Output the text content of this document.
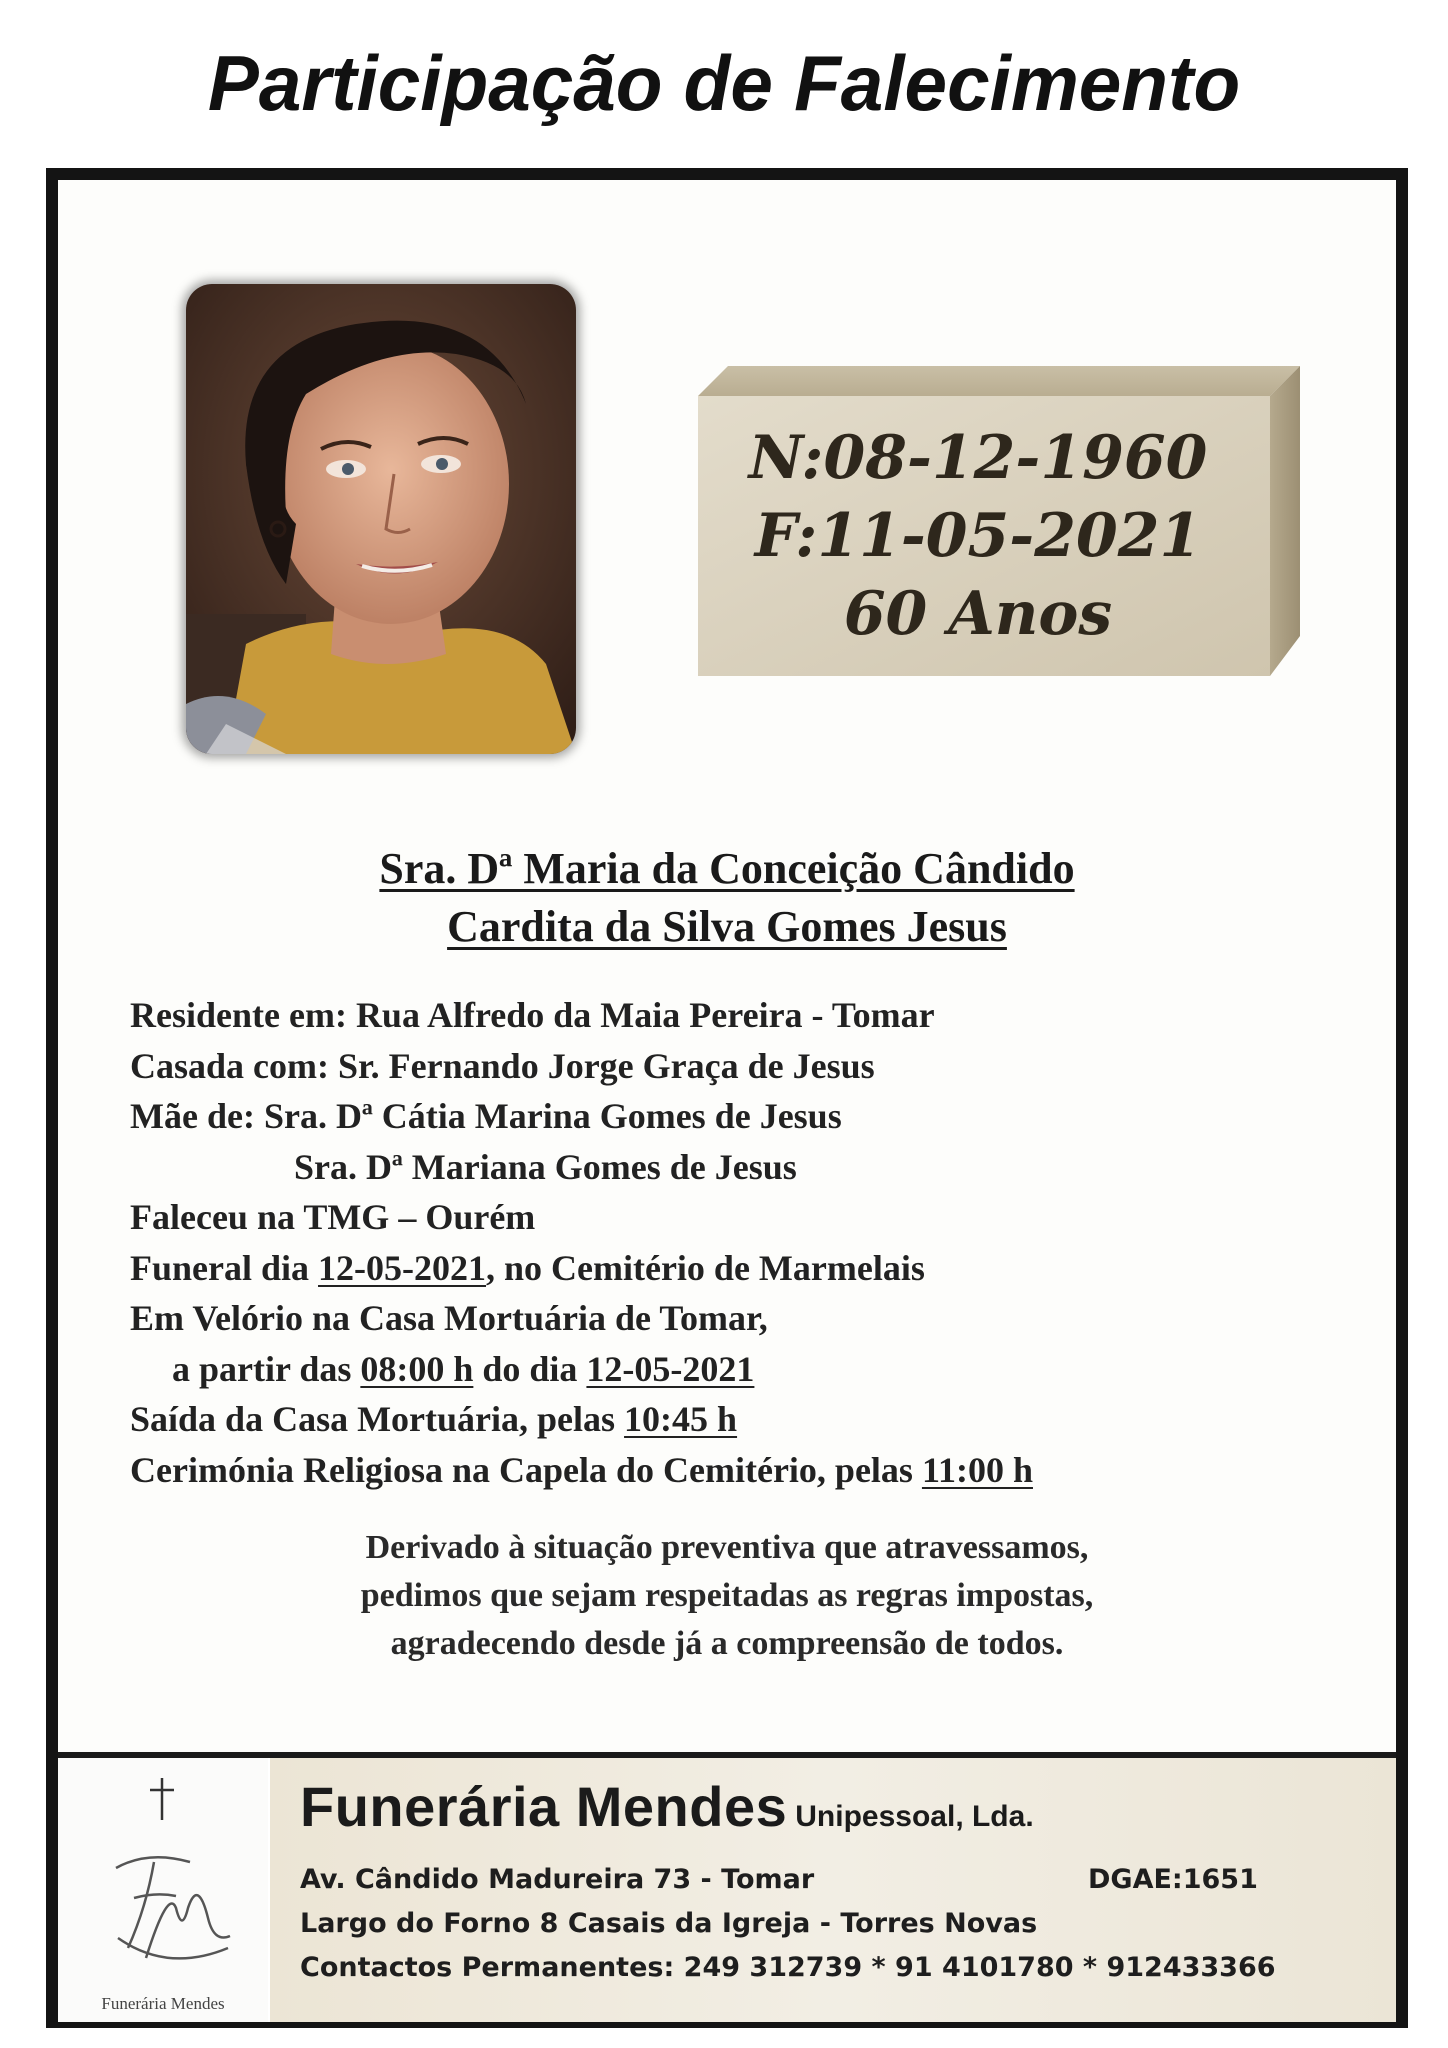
Participação de Falecimento
N:08-12-1960
F:11-05-2021
60 Anos
Sra. Dª Maria da Conceição Cândido
Cardita da Silva Gomes Jesus
Residente em: Rua Alfredo da Maia Pereira - Tomar
Casada com: Sr. Fernando Jorge Graça de Jesus
Mãe de: Sra. Dª Cátia Marina Gomes de Jesus
Sra. Dª Mariana Gomes de Jesus
Faleceu na TMG – Ourém
Funeral dia 12-05-2021, no Cemitério de Marmelais
Em Velório na Casa Mortuária de Tomar,
a partir das 08:00 h do dia 12-05-2021
Saída da Casa Mortuária, pelas 10:45 h
Cerimónia Religiosa na Capela do Cemitério, pelas 11:00 h
Derivado à situação preventiva que atravessamos,
pedimos que sejam respeitadas as regras impostas,
agradecendo desde já a compreensão de todos.
Funerária Mendes
Funerária Mendes Unipessoal, Lda.
Av. Cândido Madureira 73 - Tomar	DGAE:1651
Largo do Forno 8 Casais da Igreja - Torres Novas
Contactos Permanentes: 249 312739 * 91 4101780 * 912433366
